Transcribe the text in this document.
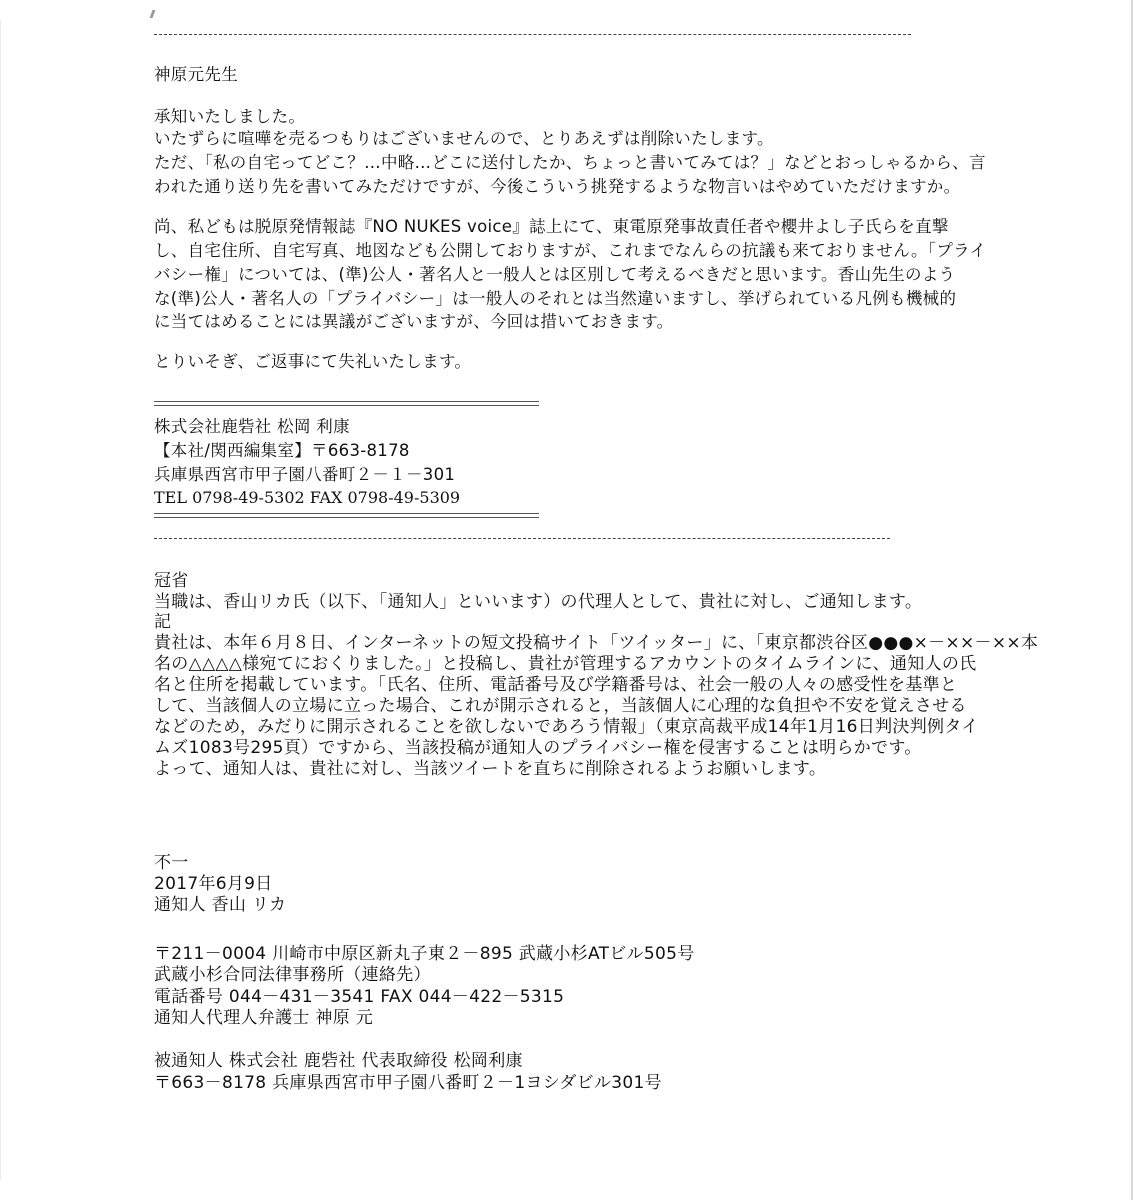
神原元先生

承知いたしました。

いたずらに喧嘩を売るつもりはございませんので、とりあえずは削除いたします。

ただ、「私の自宅ってどこ？…中略…どこに送付したか、ちょっと書いてみては？」などとおっしゃるから、言

われた通り送り先を書いてみただけですが、今後こういう挑発するような物言いはやめていただけますか。

尚、私どもは脱原発情報誌『NO NUKES voice』誌上にて、東電原発事故責任者や櫻井よし子氏らを直撃

し、自宅住所、自宅写真、地図なども公開しておりますが、これまでなんらの抗議も来ておりません。「プライ

バシー権」については、(準)公人・著名人と一般人とは区別して考えるべきだと思います。香山先生のよう

な(準)公人・著名人の「プライバシー」は一般人のそれとは当然違いますし、挙げられている凡例も機械的

に当てはめることには異議がございますが、今回は措いておきます。

とりいそぎ、ご返事にて失礼いたします。

株式会社鹿砦社 松岡 利康

【本社/関西編集室】〒663-8178

兵庫県西宮市甲子園八番町２－１－301

TEL 0798-49-5302 FAX 0798-49-5309

冠省

当職は、香山リカ氏（以下、「通知人」といいます）の代理人として、貴社に対し、ご通知します。

記

貴社は、本年６月８日、インターネットの短文投稿サイト「ツイッター」に、「東京都渋谷区●●●×－××－××本

名の△△△△様宛てにおくりました。」と投稿し、貴社が管理するアカウントのタイムラインに、通知人の氏

名と住所を掲載しています。「氏名、住所、電話番号及び学籍番号は、社会一般の人々の感受性を基準と

して、当該個人の立場に立った場合、これが開示されると，当該個人に心理的な負担や不安を覚えさせる

などのため，みだりに開示されることを欲しないであろう情報」（東京高裁平成14年1月16日判決判例タイ

ムズ1083号295頁）ですから、当該投稿が通知人のプライバシー権を侵害することは明らかです。

よって、通知人は、貴社に対し、当該ツイートを直ちに削除されるようお願いします。

不一

2017年6月9日

通知人 香山 リカ

〒211－0004 川崎市中原区新丸子東２－895 武蔵小杉ATビル505号

武蔵小杉合同法律事務所（連絡先）

電話番号 044－431－3541 FAX 044－422－5315

通知人代理人弁護士 神原 元

被通知人 株式会社 鹿砦社 代表取締役 松岡利康

〒663－8178 兵庫県西宮市甲子園八番町２－1ヨシダビル301号
